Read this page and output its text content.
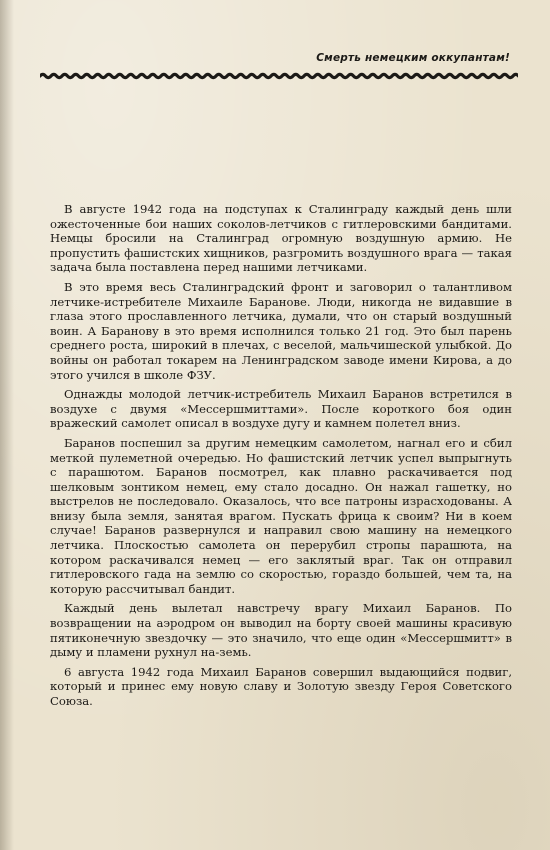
Смерть немецким оккупантам!

В августе 1942 года на подступах к Сталинграду каждый день шли ожесточенные бои наших соколов-летчиков с гитлеровскими бандитами. Немцы бросили на Сталинград огромную воздушную армию. Не пропустить фашистских хищников, разгромить воздушного врага — такая задача была поставлена перед нашими летчиками.

В это время весь Сталинградский фронт и заговорил о талантливом летчике-истребителе Михаиле Баранове. Люди, никогда не видавшие в глаза этого прославленного летчика, думали, что он старый воздушный воин. А Баранову в это время исполнился только 21 год. Это был парень среднего роста, широкий в плечах, с веселой, мальчишеской улыбкой. До войны он работал токарем на Ленинградском заводе имени Кирова, а до этого учился в школе ФЗУ.

Однажды молодой летчик-истребитель Михаил Баранов встретился в воздухе с двумя «Мессершмиттами». После короткого боя один вражеский самолет описал в воздухе дугу и камнем полетел вниз.

Баранов поспешил за другим немецким самолетом, нагнал его и сбил меткой пулеметной очередью. Но фашистский летчик успел выпрыгнуть с парашютом. Баранов посмотрел, как плавно раскачивается под шелковым зонтиком немец, ему стало досадно. Он нажал гашетку, но выстрелов не последовало. Оказалось, что все патроны израсходованы. А внизу была земля, занятая врагом. Пускать фрица к своим? Ни в коем случае! Баранов развернулся и направил свою машину на немецкого летчика. Плоскостью самолета он перерубил стропы парашюта, на котором раскачивался немец — его заклятый враг. Так он отправил гитлеровского гада на землю со скоростью, гораздо большей, чем та, на которую рассчитывал бандит.

Каждый день вылетал навстречу врагу Михаил Баранов. По возвращении на аэродром он выводил на борту своей машины красивую пятиконечную звездочку — это значило, что еще один «Мессершмитт» в дыму и пламени рухнул на-земь.

6 августа 1942 года Михаил Баранов совершил выдающийся подвиг, который и принес ему новую славу и Золотую звезду Героя Советского Союза.
